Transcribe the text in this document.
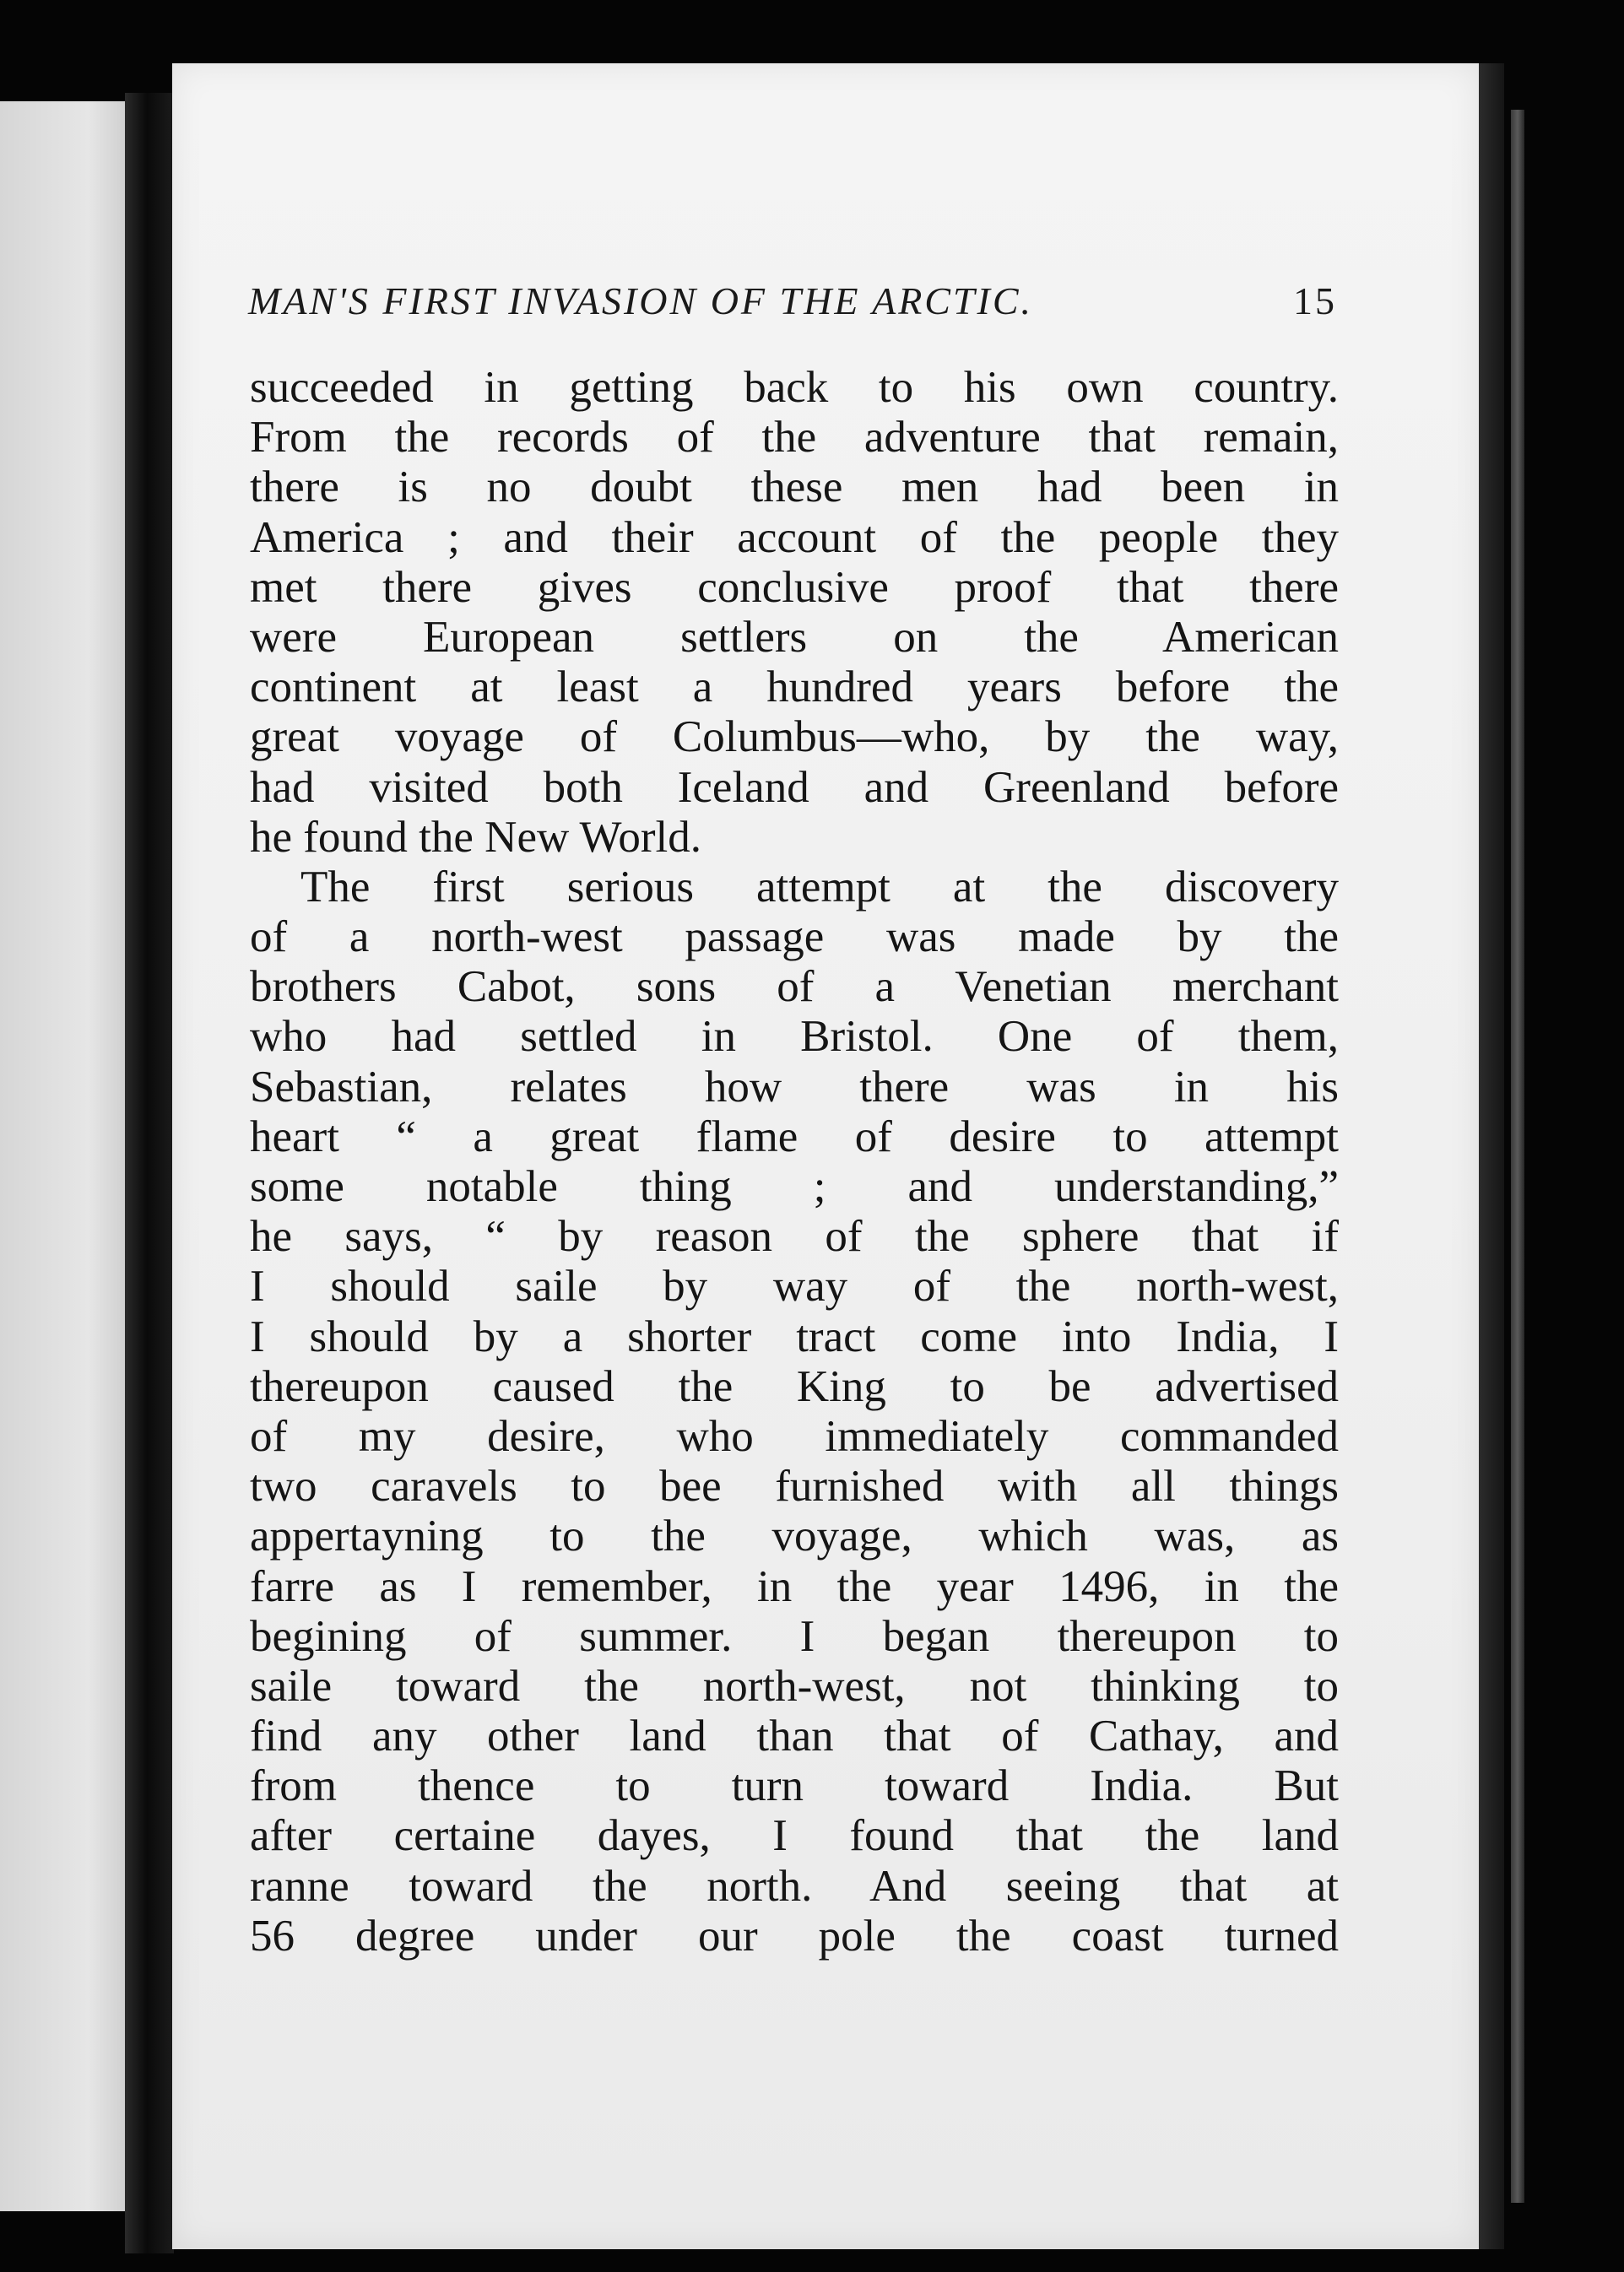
MAN'S FIRST INVASION OF THE ARCTIC.	15
succeeded in getting back to his own country.
From the records of the adventure that remain,
there is no doubt these men had been in
America ; and their account of the people they
met there gives conclusive proof that there
were European settlers on the American
continent at least a hundred years before the
great voyage of Columbus—who, by the way,
had visited both Iceland and Greenland before
he found the New World.
The first serious attempt at the discovery
of a north-west passage was made by the
brothers Cabot, sons of a Venetian merchant
who had settled in Bristol. One of them,
Sebastian, relates how there was in his
heart “ a great flame of desire to attempt
some notable thing ; and understanding,”
he says, “ by reason of the sphere that if
I should saile by way of the north-west,
I should by a shorter tract come into India, I
thereupon caused the King to be advertised
of my desire, who immediately commanded
two caravels to bee furnished with all things
appertayning to the voyage, which was, as
farre as I remember, in the year 1496, in the
begining of summer. I began thereupon to
saile toward the north-west, not thinking to
find any other land than that of Cathay, and
from thence to turn toward India. But
after certaine dayes, I found that the land
ranne toward the north. And seeing that at
56 degree under our pole the coast turned
